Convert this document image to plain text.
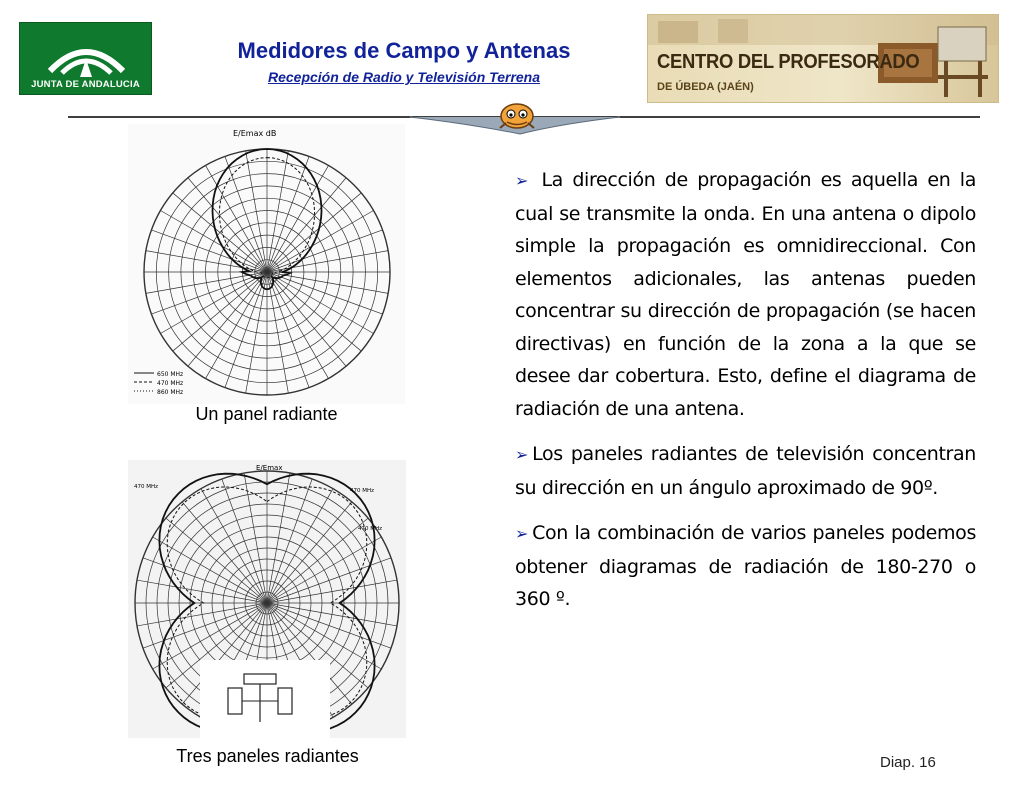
JUNTA DE ANDALUCIA
Medidores de Campo y Antenas
Recepción de Radio y Televisión Terrena
CENTRO DEL PROFESORADO
DE ÚBEDA (JAÉN)
E/Emax dB
650 MHz
470 MHz
860 MHz
Un panel radiante
E/Emax
470 MHz
470 MHz
470 MHz
Tres paneles radiantes

➢ La dirección de propagación es aquella en la cual se transmite la onda. En una antena o dipolo simple la propagación es omnidireccional. Con elementos adicionales, las antenas pueden concentrar su dirección de propagación (se hacen directivas) en función de la zona a la que se desee dar cobertura. Esto, define el diagrama de radiación de una antena.

➢ Los paneles radiantes de televisión concentran su dirección en un ángulo aproximado de 90º.

➢ Con la combinación de varios paneles podemos obtener diagramas de radiación de 180-270 o 360 º.

Diap. 16
